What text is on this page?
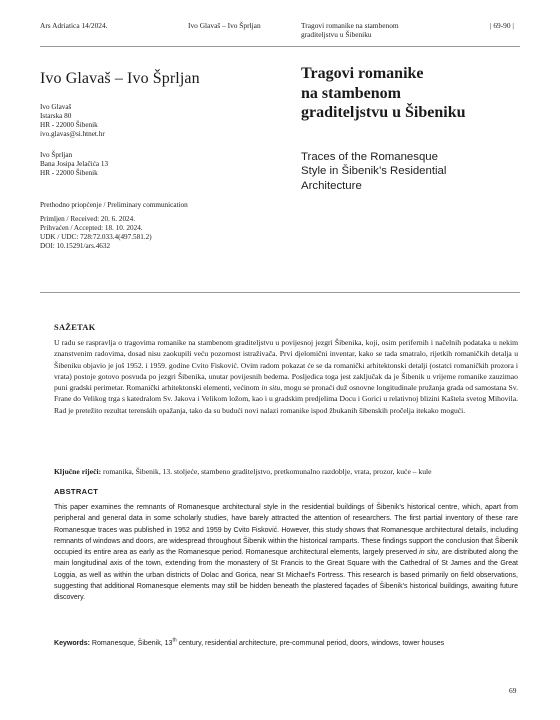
Ars Adriatica 14/2024.	Ivo Glavaš – Ivo Šprljan	Tragovi romanike na stambenom
graditeljstvu u Šibeniku
| 69-90 |
Ivo Glavaš – Ivo Šprljan
Ivo Glavaš
Istarska 80
HR - 22000 Šibenik
ivo.glavas@si.htnet.hr
Ivo Šprljan
Bana Josipa Jelačića 13
HR - 22000 Šibenik
Tragovi romanike
na stambenom
graditeljstvu u Šibeniku
Traces of the Romanesque
Style in Šibenik’s Residential
Architecture
Prethodno priopćenje / Preliminary communication
Primljen / Received: 20. 6. 2024.
Prihvaćen / Accepted: 18. 10. 2024.
UDK / UDC: 728:72.033.4(497.581.2)
DOI: 10.15291/ars.4632
SAŽETAK

U radu se raspravlja o tragovima romanike na stambenom graditeljstvu u povijesnoj jezgri Šibenika, koji, osim perifernih i načelnih podataka u nekim znanstvenim radovima, dosad nisu zaokupili veću pozornost istraživača. Prvi djelomični inventar, kako se tada smatralo, rijetkih romaničkih detalja u Šibeniku objavio je još 1952. i 1959. godine Cvito Fisković. Ovim radom pokazat će se da romanički arhitektonski detalji (ostatci romaničkih prozora i vrata) postoje gotovo posvuda po jezgri Šibenika, unutar povijesnih bedema. Posljedica toga jest zaključak da je Šibenik u vrijeme romanike zauzimao puni gradski perimetar. Romanički arhitektonski elementi, većinom in situ, mogu se pronaći duž osnovne longitudinale pružanja grada od samostana Sv. Frane do Velikog trga s katedralom Sv. Jakova i Velikom ložom, kao i u gradskim predjelima Docu i Gorici u relativnoj blizini Kaštela svetog Mihovila. Rad je pretežito rezultat terenskih opažanja, tako da su budući novi nalazi romanike ispod žbukanih šibenskih pročelja itekako mogući.

Ključne riječi: romanika, Šibenik, 13. stoljeće, stambeno graditeljstvo, pretkomunalno razdoblje, vrata, prozor, kuće – kule

ABSTRACT

This paper examines the remnants of Romanesque architectural style in the residential buildings of Šibenik’s historical centre, which, apart from peripheral and general data in some scholarly studies, have barely attracted the attention of researchers. The first partial inventory of these rare Romanesque traces was published in 1952 and 1959 by Cvito Fisković. However, this study shows that Romanesque architectural details, including remnants of windows and doors, are widespread throughout Šibenik within the historical ramparts. These findings support the conclusion that Šibenik occupied its entire area as early as the Romanesque period. Romanesque architectural elements, largely preserved in situ, are distributed along the main longitudinal axis of the town, extending from the monastery of St Francis to the Great Square with the Cathedral of St James and the Great Loggia, as well as within the urban districts of Dolac and Gorica, near St Michael’s Fortress. This research is based primarily on field observations, suggesting that additional Romanesque elements may still be hidden beneath the plastered façades of Šibenik’s historical buildings, awaiting future discovery.

Keywords: Romanesque, Šibenik, 13th century, residential architecture, pre-communal period, doors, windows, tower houses

69
